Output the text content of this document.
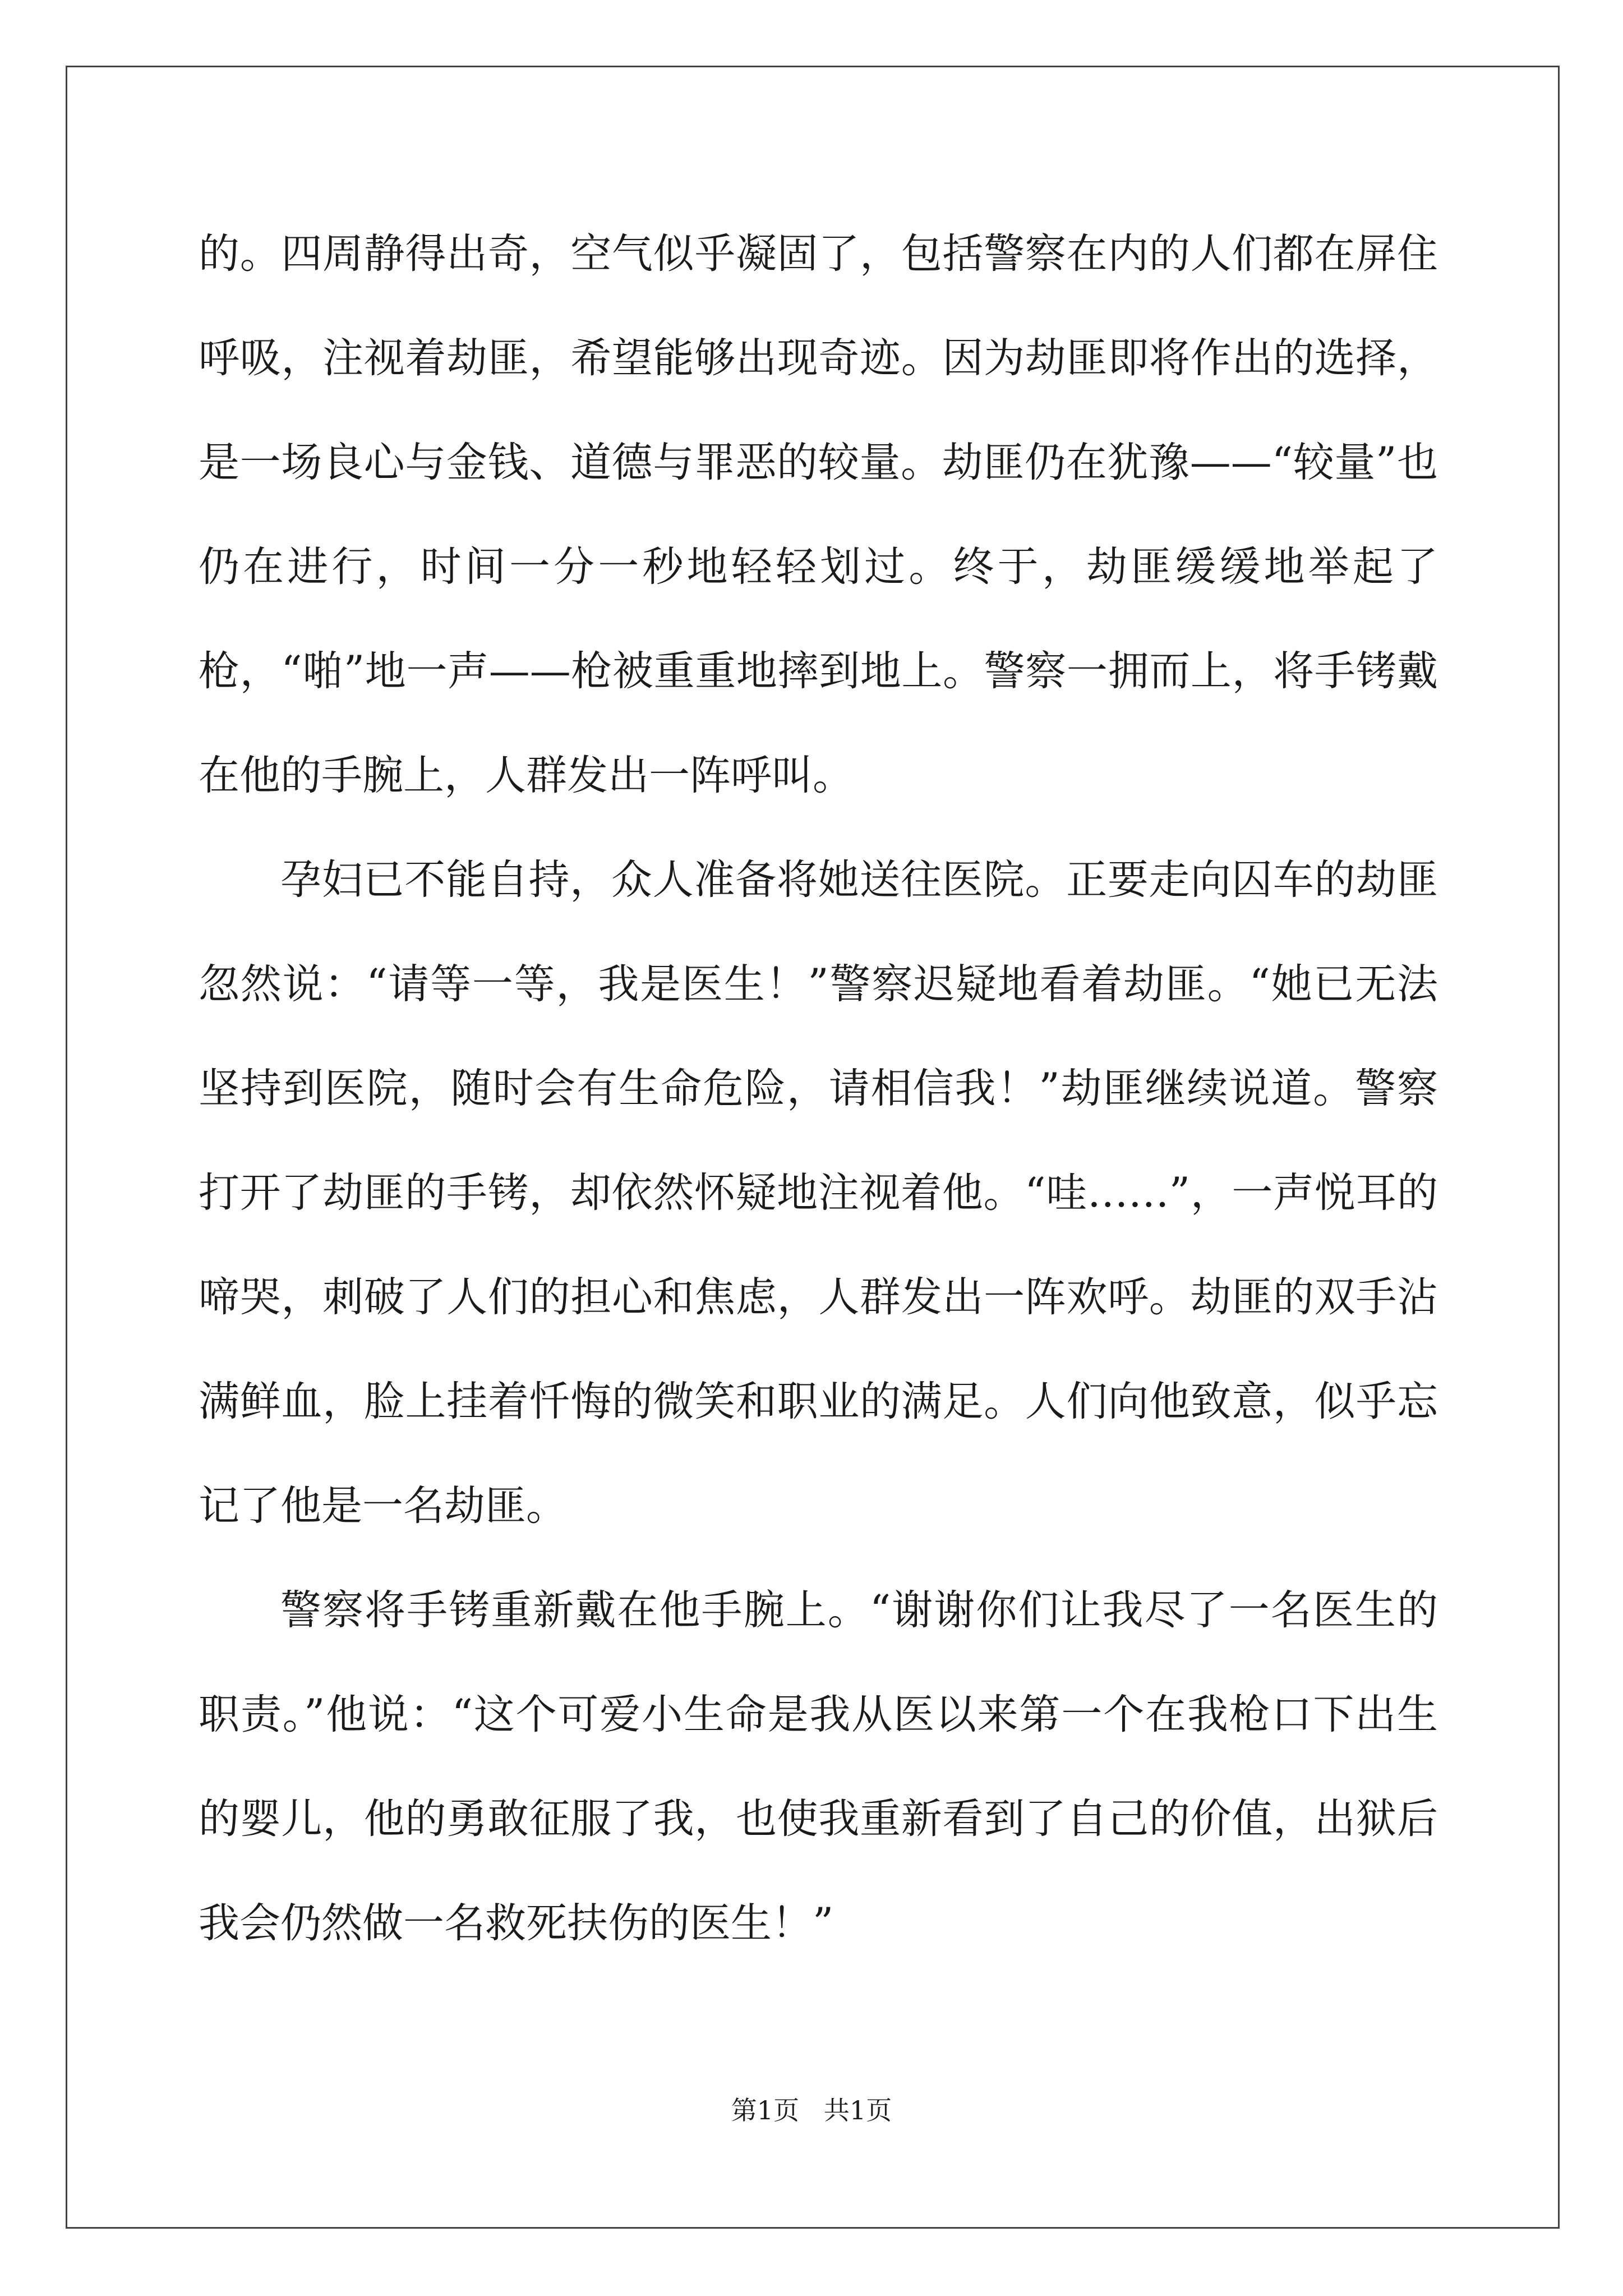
的。四周静得出奇，空气似乎凝固了，包括警察在内的人们都在屏住呼吸，注视着劫匪，希望能够出现奇迹。因为劫匪即将作出的选择，是一场良心与金钱、道德与罪恶的较量。劫匪仍在犹豫——“较量”也仍在进行，时间一分一秒地轻轻划过。终于，劫匪缓缓地举起了枪，“啪”地一声——枪被重重地摔到地上。警察一拥而上，将手铐戴在他的手腕上，人群发出一阵呼叫。

孕妇已不能自持，众人准备将她送往医院。正要走向囚车的劫匪忽然说：“请等一等，我是医生！”警察迟疑地看着劫匪。“她已无法坚持到医院，随时会有生命危险，请相信我！”劫匪继续说道。警察打开了劫匪的手铐，却依然怀疑地注视着他。“哇……”，一声悦耳的啼哭，刺破了人们的担心和焦虑，人群发出一阵欢呼。劫匪的双手沾满鲜血，脸上挂着忏悔的微笑和职业的满足。人们向他致意，似乎忘记了他是一名劫匪。

警察将手铐重新戴在他手腕上。“谢谢你们让我尽了一名医生的职责。”他说：“这个可爱小生命是我从医以来第一个在我枪口下出生的婴儿，他的勇敢征服了我，也使我重新看到了自己的价值，出狱后我会仍然做一名救死扶伤的医生！”

第1页   共1页
